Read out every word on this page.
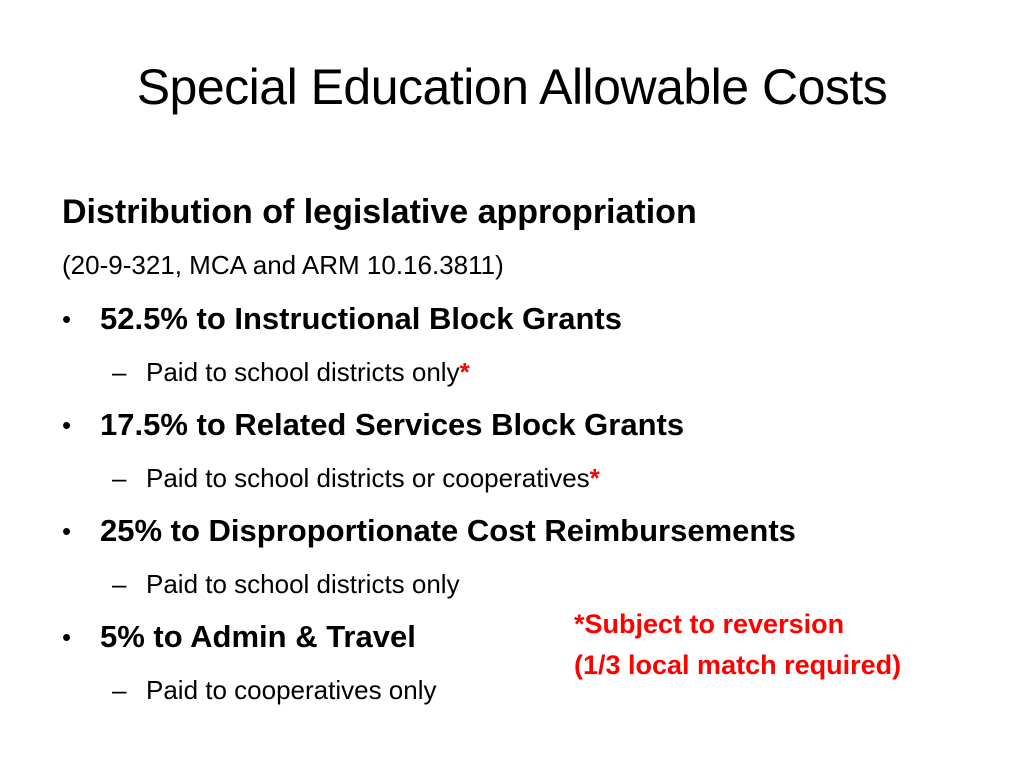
Special Education Allowable Costs
Distribution of legislative appropriation
(20-9-321, MCA and ARM 10.16.3811)
• 52.5% to Instructional Block Grants
– Paid to school districts only*
• 17.5% to Related Services Block Grants
– Paid to school districts or cooperatives*
• 25% to Disproportionate Cost Reimbursements
– Paid to school districts only
• 5% to Admin & Travel
– Paid to cooperatives only
*Subject to reversion
(1/3 local match required)
